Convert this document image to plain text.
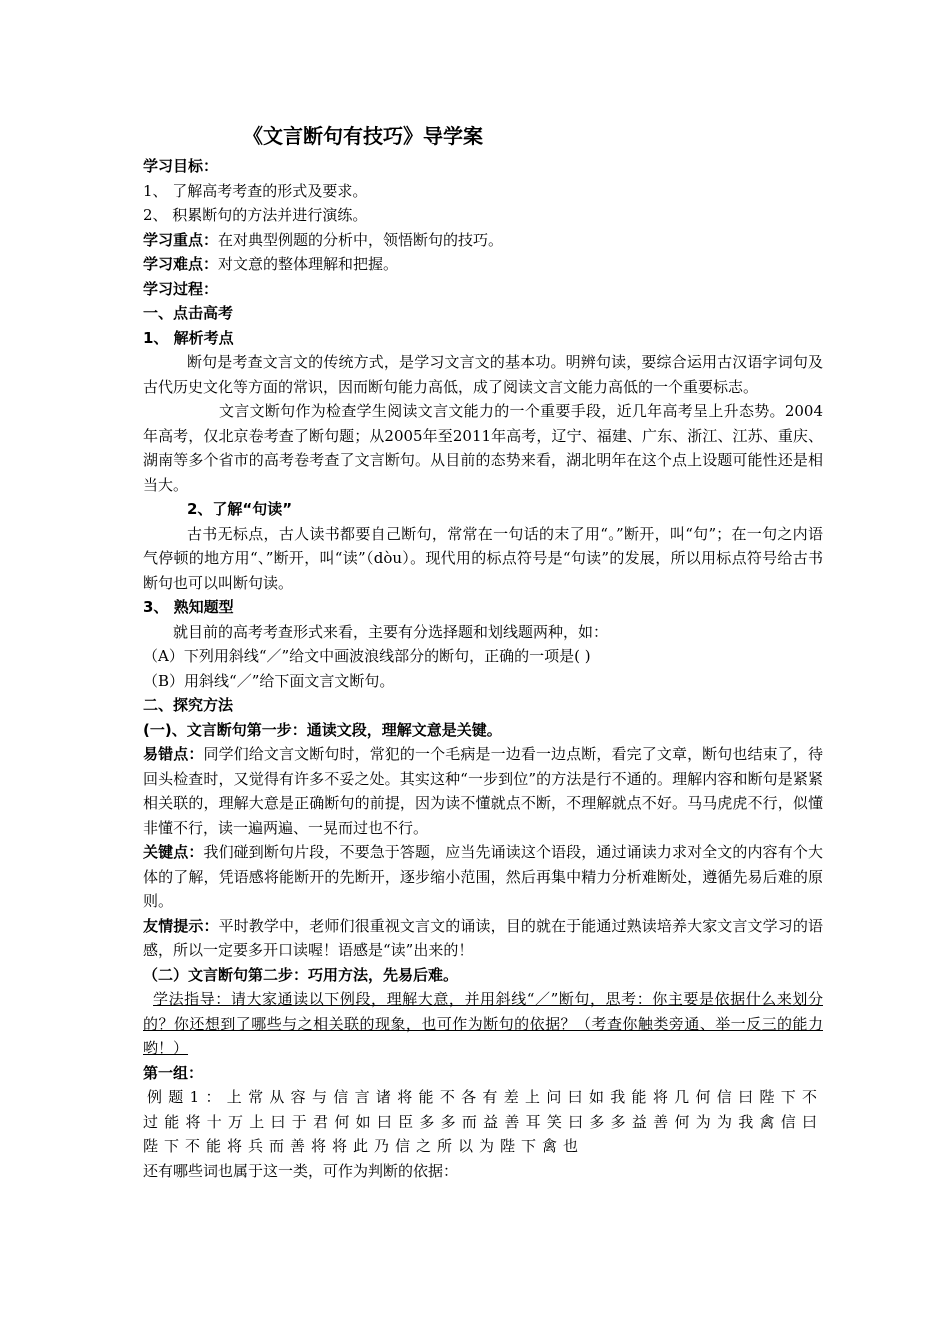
《文言断句有技巧》导学案
学习目标：
1、 了解高考考查的形式及要求。
2、 积累断句的方法并进行演练。
学习重点：在对典型例题的分析中，领悟断句的技巧。
学习难点：对文意的整体理解和把握。
学习过程：
一、点击高考
1、 解析考点
断句是考查文言文的传统方式，是学习文言文的基本功。明辨句读，要综合运用古汉语字词句及古代历史文化等方面的常识，因而断句能力高低，成了阅读文言文能力高低的一个重要标志。
文言文断句作为检查学生阅读文言文能力的一个重要手段，近几年高考呈上升态势。2004年高考，仅北京卷考查了断句题；从2005年至2011年高考，辽宁、福建、广东、浙江、江苏、重庆、湖南等多个省市的高考卷考查了文言断句。从目前的态势来看，湖北明年在这个点上设题可能性还是相当大。
2、了解“句读”
古书无标点，古人读书都要自己断句，常常在一句话的末了用“。”断开，叫“句”；在一句之内语气停顿的地方用“、”断开，叫“读”（dòu）。现代用的标点符号是“句读”的发展，所以用标点符号给古书断句也可以叫断句读。
3、 熟知题型
就目前的高考考查形式来看，主要有分选择题和划线题两种，如：
（A）下列用斜线“／”给文中画波浪线部分的断句，正确的一项是( )
（B）用斜线“／”给下面文言文断句。
二、探究方法
(一)、文言断句第一步：通读文段，理解文意是关键。
易错点：同学们给文言文断句时，常犯的一个毛病是一边看一边点断，看完了文章，断句也结束了，待回头检查时，又觉得有许多不妥之处。其实这种“一步到位”的方法是行不通的。理解内容和断句是紧紧相关联的，理解大意是正确断句的前提，因为读不懂就点不断，不理解就点不好。马马虎虎不行，似懂非懂不行，读一遍两遍、一晃而过也不行。
关键点：我们碰到断句片段，不要急于答题，应当先诵读这个语段，通过诵读力求对全文的内容有个大体的了解，凭语感将能断开的先断开，逐步缩小范围，然后再集中精力分析难断处，遵循先易后难的原则。
友情提示：平时教学中，老师们很重视文言文的诵读，目的就在于能通过熟读培养大家文言文学习的语感，所以一定要多开口读喔！语感是“读”出来的！
（二）文言断句第二步：巧用方法，先易后难。
学法指导：请大家通读以下例段，理解大意，并用斜线“／”断句，思考：你主要是依据什么来划分的？你还想到了哪些与之相关联的现象，也可作为断句的依据？（考查你触类旁通、举一反三的能力哟！）
第一组：
例题1：上常从容与信言诸将能不各有差上问曰如我能将几何信曰陛下不过能将十万上曰于君何如曰臣多多而益善耳笑曰多多益善何为为我禽信曰陛下不能将兵而善将将此乃信之所以为陛下禽也
还有哪些词也属于这一类，可作为判断的依据：
